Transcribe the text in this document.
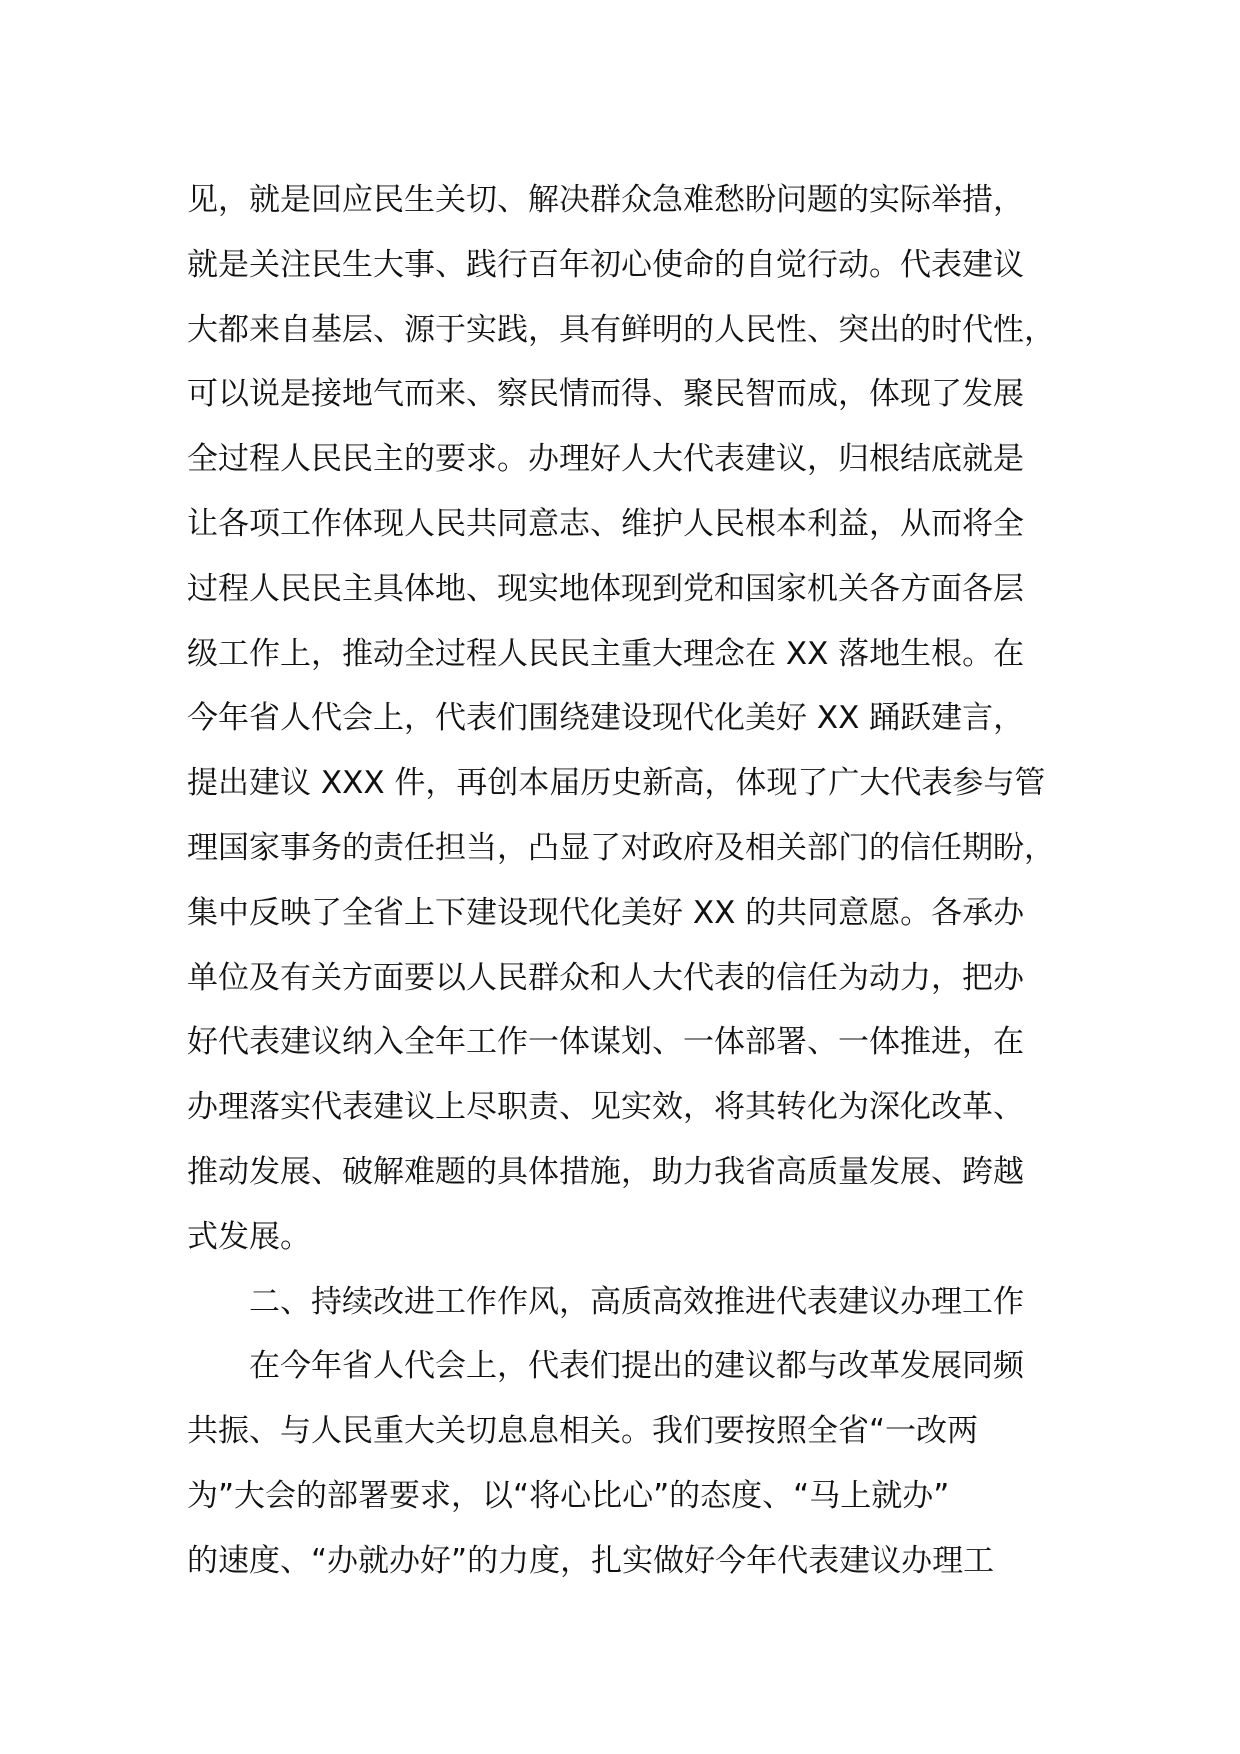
见，就是回应民生关切、解决群众急难愁盼问题的实际举措，
就是关注民生大事、践行百年初心使命的自觉行动。代表建议
大都来自基层、源于实践，具有鲜明的人民性、突出的时代性，
可以说是接地气而来、察民情而得、聚民智而成，体现了发展
全过程人民民主的要求。办理好人大代表建议，归根结底就是
让各项工作体现人民共同意志、维护人民根本利益，从而将全
过程人民民主具体地、现实地体现到党和国家机关各方面各层
级工作上，推动全过程人民民主重大理念在 XX 落地生根。在
今年省人代会上，代表们围绕建设现代化美好 XX 踊跃建言，
提出建议 XXX 件，再创本届历史新高，体现了广大代表参与管
理国家事务的责任担当，凸显了对政府及相关部门的信任期盼，
集中反映了全省上下建设现代化美好 XX 的共同意愿。各承办
单位及有关方面要以人民群众和人大代表的信任为动力，把办
好代表建议纳入全年工作一体谋划、一体部署、一体推进，在
办理落实代表建议上尽职责、见实效，将其转化为深化改革、
推动发展、破解难题的具体措施，助力我省高质量发展、跨越
式发展。
二、持续改进工作作风，高质高效推进代表建议办理工作
在今年省人代会上，代表们提出的建议都与改革发展同频
共振、与人民重大关切息息相关。我们要按照全省“一改两
为”大会的部署要求，以“将心比心”的态度、“马上就办”
的速度、“办就办好”的力度，扎实做好今年代表建议办理工
